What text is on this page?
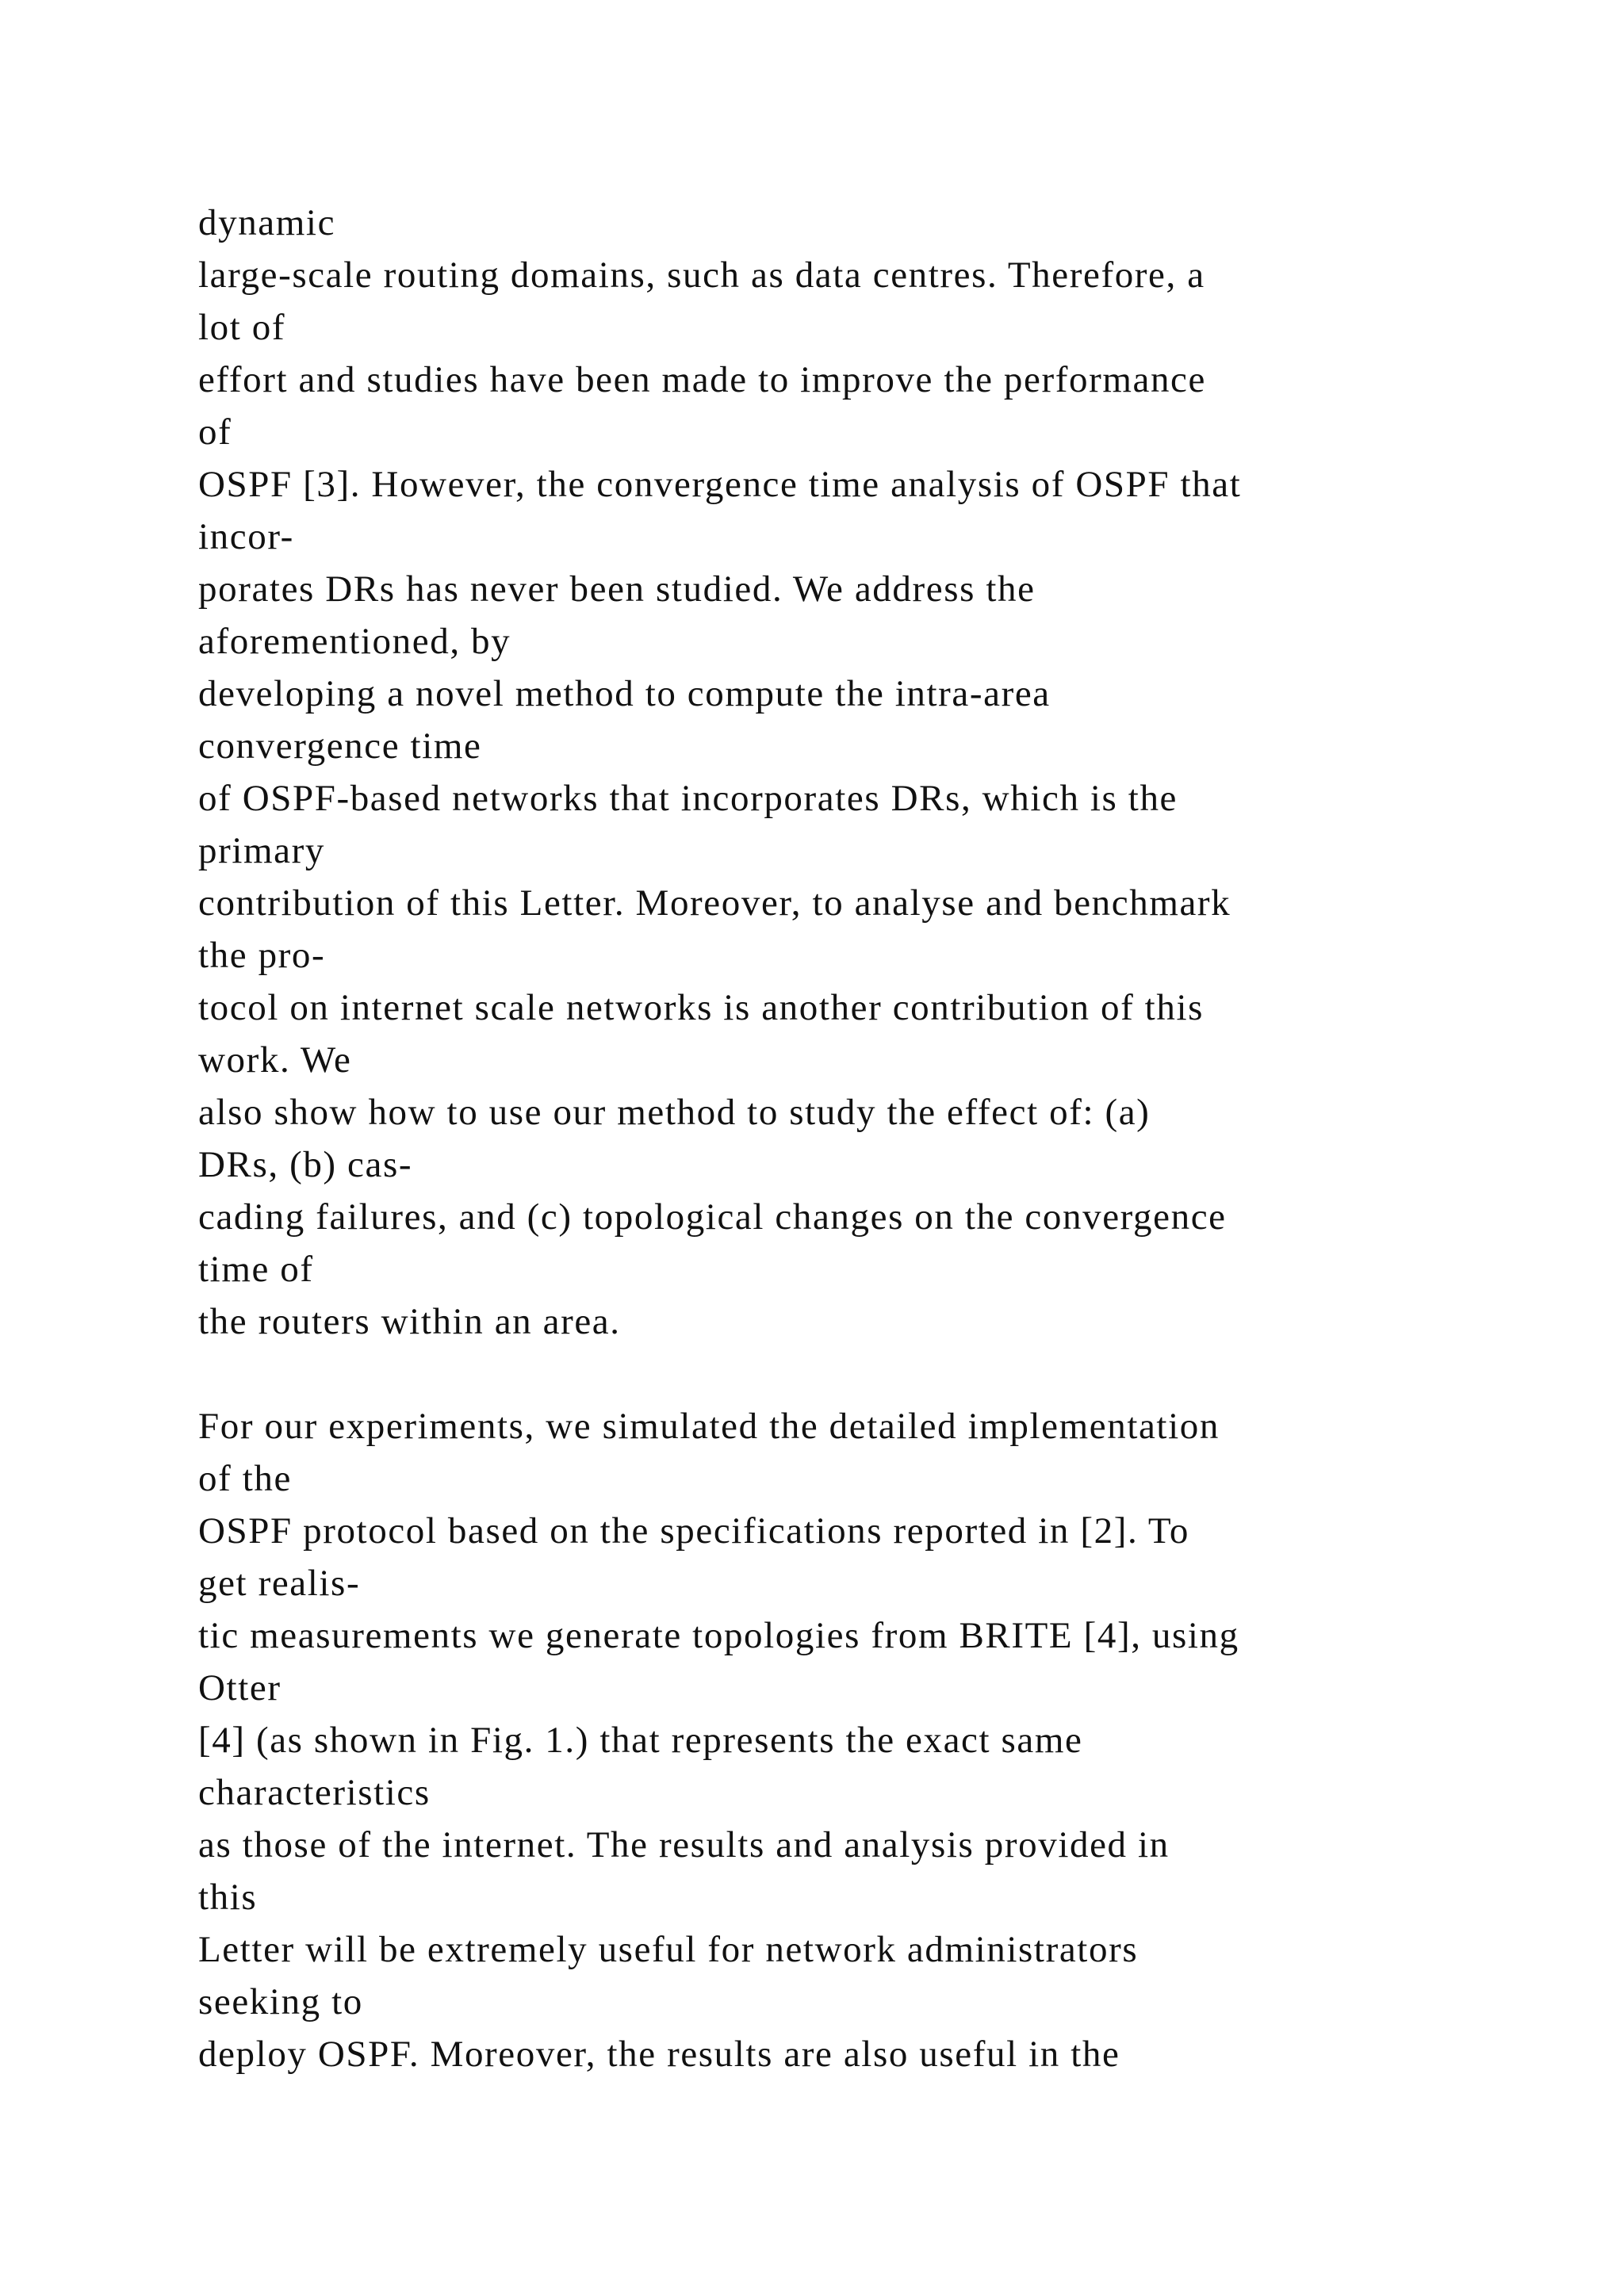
dynamic
large-scale routing domains, such as data centres. Therefore, a
lot of
effort and studies have been made to improve the performance
of
OSPF [3]. However, the convergence time analysis of OSPF that
incor-
porates DRs has never been studied. We address the
aforementioned, by
developing a novel method to compute the intra-area
convergence time
of OSPF-based networks that incorporates DRs, which is the
primary
contribution of this Letter. Moreover, to analyse and benchmark
the pro-
tocol on internet scale networks is another contribution of this
work. We
also show how to use our method to study the effect of: (a)
DRs, (b) cas-
cading failures, and (c) topological changes on the convergence
time of
the routers within an area.
For our experiments, we simulated the detailed implementation
of the
OSPF protocol based on the specifications reported in [2]. To
get realis-
tic measurements we generate topologies from BRITE [4], using
Otter
[4] (as shown in Fig. 1.) that represents the exact same
characteristics
as those of the internet. The results and analysis provided in
this
Letter will be extremely useful for network administrators
seeking to
deploy OSPF. Moreover, the results are also useful in the
